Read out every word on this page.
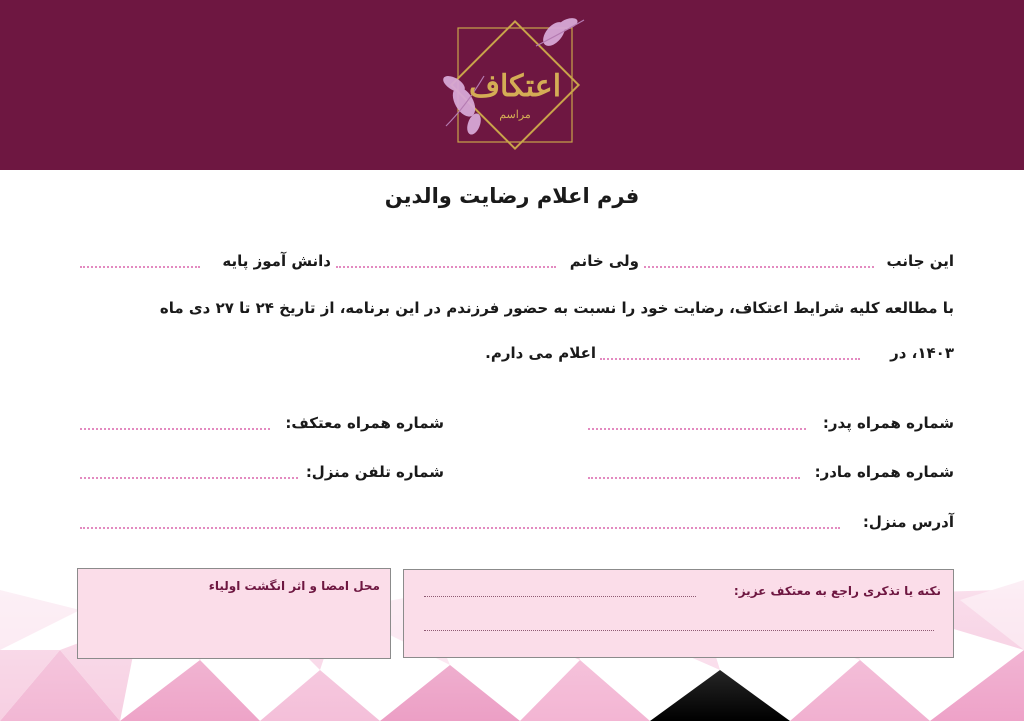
اعتکاف
مراسم
فرم اعلام رضایت والدین
این جانب
ولی خانم
دانش آموز پایه
با مطالعه کلیه شرایط اعتکاف، رضایت خود را نسبت به حضور فرزندم در این برنامه، از تاریخ ۲۴ تا ۲۷ دی ماه
۱۴۰۳، در
اعلام می دارم.
شماره همراه پدر:
شماره همراه معتکف:
شماره همراه مادر:
شماره تلفن منزل:
آدرس منزل:
نکته یا تذکری راجع به معتکف عزیز:
محل امضا و اثر انگشت اولیاء
